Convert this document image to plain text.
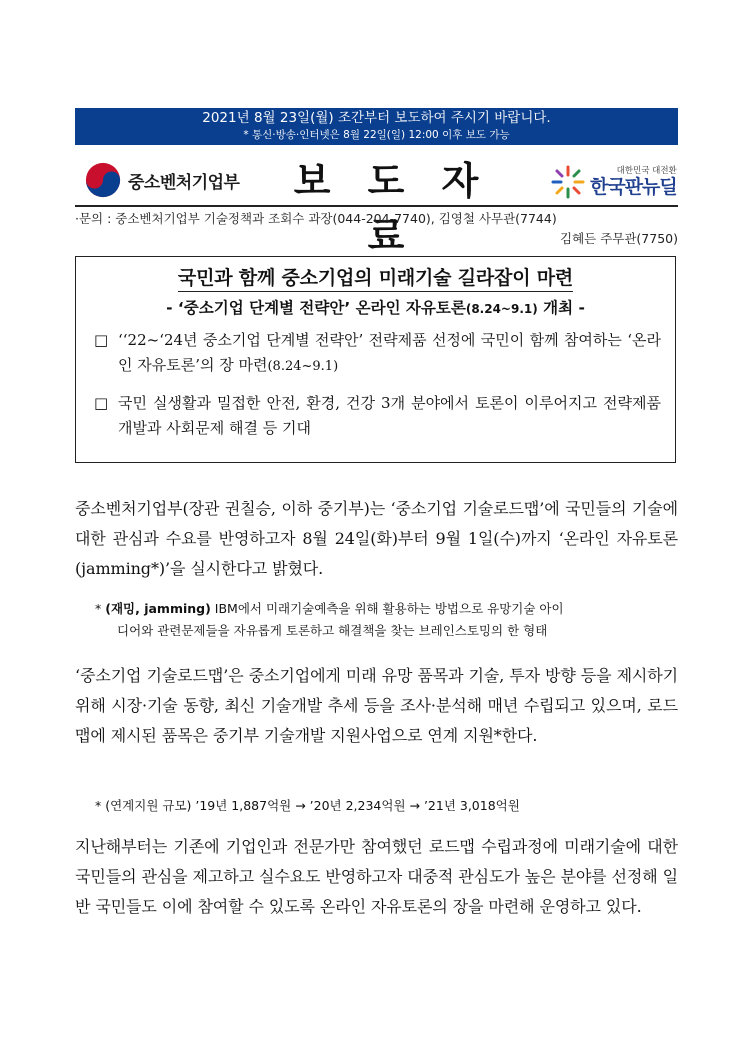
2021년 8월 23일(월) 조간부터 보도하여 주시기 바랍니다.
* 통신·방송·인터넷은 8월 22일(일) 12:00 이후 보도 가능
중소벤처기업부	보 도 자 료
대한민국 대전환
한국판뉴딜
·문의 : 중소벤처기업부 기술정책과 조회수 과장(044-204-7740), 김영철 사무관(7744)
김혜든 주무관(7750)
국민과 함께 중소기업의 미래기술 길라잡이 마련
- ‘중소기업 단계별 전략안’ 온라인 자유토론(8.24~9.1) 개최 -
□ ‘‘22~‘24년 중소기업 단계별 전략안’ 전략제품 선정에 국민이 함께 참여하는 ‘온라인 자유토론’의 장 마련(8.24~9.1)
□ 국민 실생활과 밀접한 안전, 환경, 건강 3개 분야에서 토론이 이루어지고 전략제품 개발과 사회문제 해결 등 기대
중소벤처기업부(장관 권칠승, 이하 중기부)는 ‘중소기업 기술로드맵’에 국민들의 기술에 대한 관심과 수요를 반영하고자 8월 24일(화)부터 9월 1일(수)까지 ‘온라인 자유토론(jamming*)’을 실시한다고 밝혔다.
* (재밍, jamming) IBM에서 미래기술예측을 위해 활용하는 방법으로 유망기술 아이
디어와 관련문제들을 자유롭게 토론하고 해결책을 찾는 브레인스토밍의 한 형태
‘중소기업 기술로드맵’은 중소기업에게 미래 유망 품목과 기술, 투자 방향 등을 제시하기 위해 시장·기술 동향, 최신 기술개발 추세 등을 조사·분석해 매년 수립되고 있으며, 로드맵에 제시된 품목은 중기부 기술개발 지원사업으로 연계 지원*한다.
* (연계지원 규모) ’19년 1,887억원 → ’20년 2,234억원 → ’21년 3,018억원
지난해부터는 기존에 기업인과 전문가만 참여했던 로드맵 수립과정에 미래기술에 대한 국민들의 관심을 제고하고 실수요도 반영하고자 대중적 관심도가 높은 분야를 선정해 일반 국민들도 이에 참여할 수 있도록 온라인 자유토론의 장을 마련해 운영하고 있다.
